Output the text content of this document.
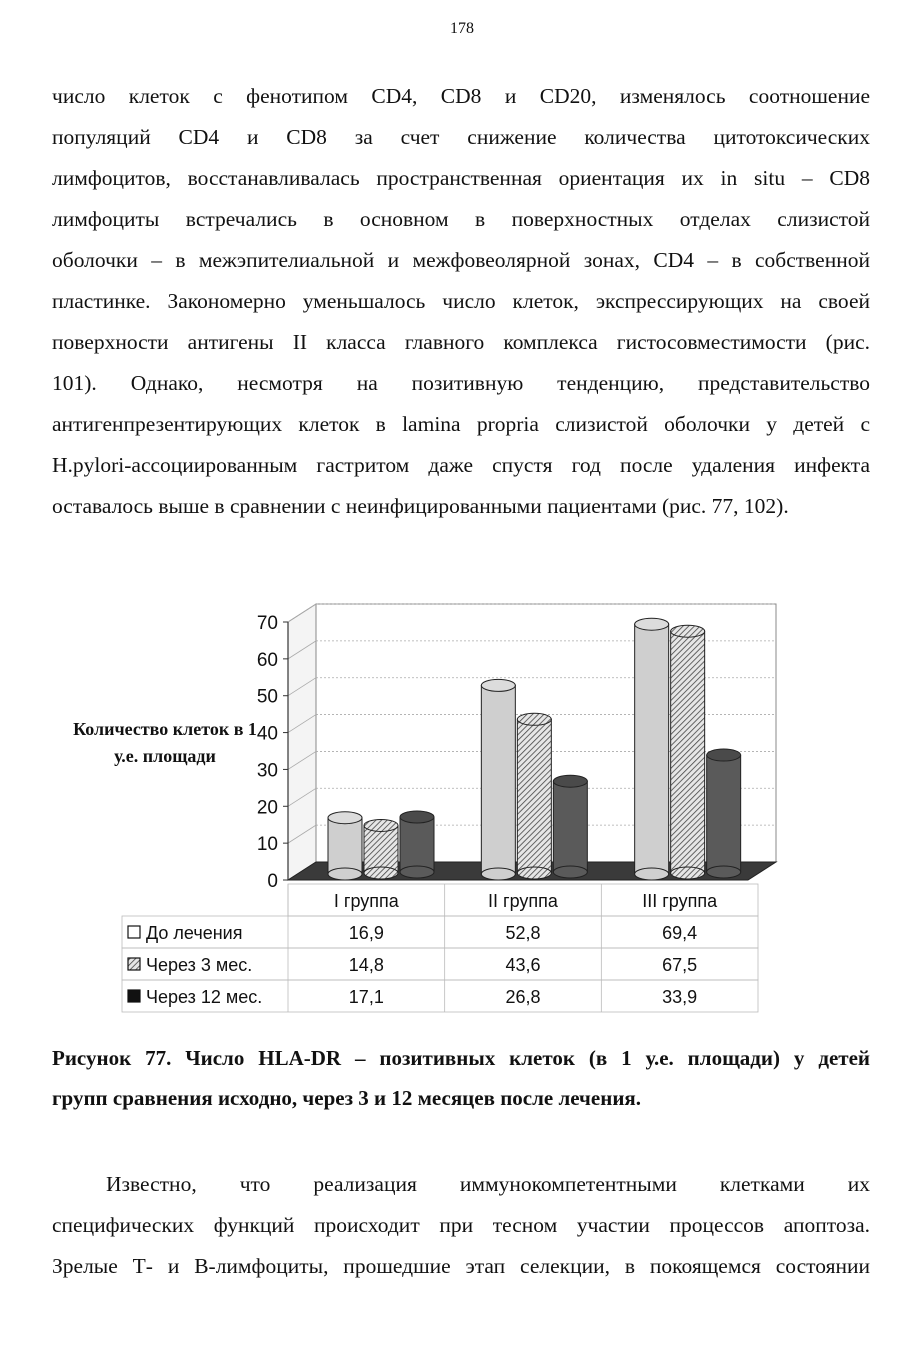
178
число клеток с фенотипом CD4, CD8 и CD20, изменялось соотношение
популяций CD4 и CD8 за счет снижение количества цитотоксических
лимфоцитов, восстанавливалась пространственная ориентация их in situ – CD8
лимфоциты встречались в основном в поверхностных отделах слизистой
оболочки – в межэпителиальной и межфовеолярной зонах, CD4 – в собственной
пластинке. Закономерно уменьшалось число клеток, экспрессирующих на своей
поверхности антигены II класса главного комплекса гистосовместимости (рис.
101). Однако, несмотря на позитивную тенденцию, представительство
антигенпрезентирующих клеток в lamina propria слизистой оболочки у детей с
H.pylori-ассоциированным гастритом даже спустя год после удаления инфекта
оставалось выше в сравнении с неинфицированными пациентами (рис. 77, 102).
Количество клеток в 1 у.е. площади
0
10
20
30
40
50
60
70
I группа	II группа	III группа
До лечения	16,9	52,8	69,4
Через 3 мес.	14,8	43,6	67,5
Через 12 мес.	17,1	26,8	33,9
Рисунок 77. Число HLA-DR – позитивных клеток (в 1 у.е. площади) у детей
групп сравнения исходно, через 3 и 12 месяцев после лечения.
Известно, что реализация иммунокомпетентными клетками их
специфических функций происходит при тесном участии процессов апоптоза.
Зрелые Т- и В-лимфоциты, прошедшие этап селекции, в покоящемся состоянии
